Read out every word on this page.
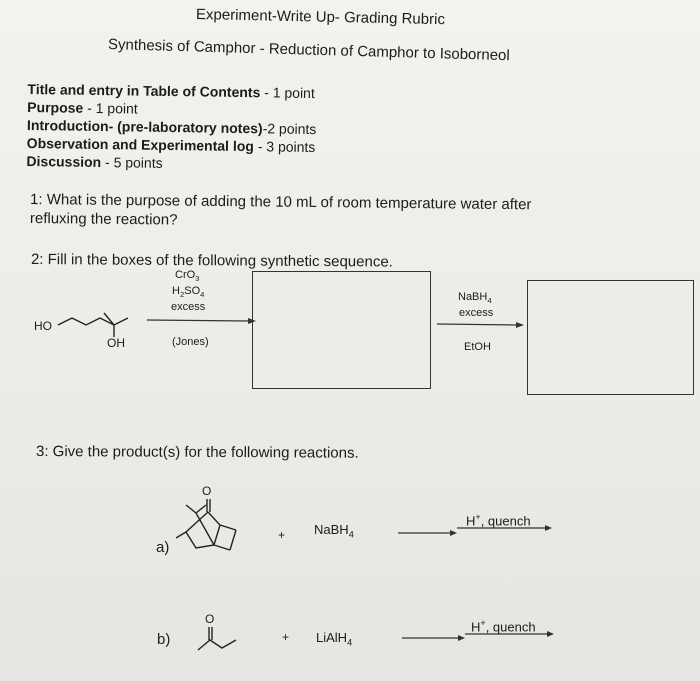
Experiment-Write Up- Grading Rubric
Synthesis of Camphor - Reduction of Camphor to Isoborneol
Title and entry in Table of Contents - 1 point
Purpose - 1 point
Introduction- (pre-laboratory notes)-2 points
Observation and Experimental log - 3 points
Discussion - 5 points
1: What is the purpose of adding the 10 mL of room temperature water after
refluxing the reaction?
2: Fill in the boxes of the following synthetic sequence.
HO
OH
CrO$_3$
$H_2SO_4$
excess
(Jones)
NaBH$_4$
excess
EtOH
3: Give the product(s) for the following reactions.
O
a)
+ NaBH$_4$
H+, quench
O
b)	+ LiAlH$_4$
H+, quench
